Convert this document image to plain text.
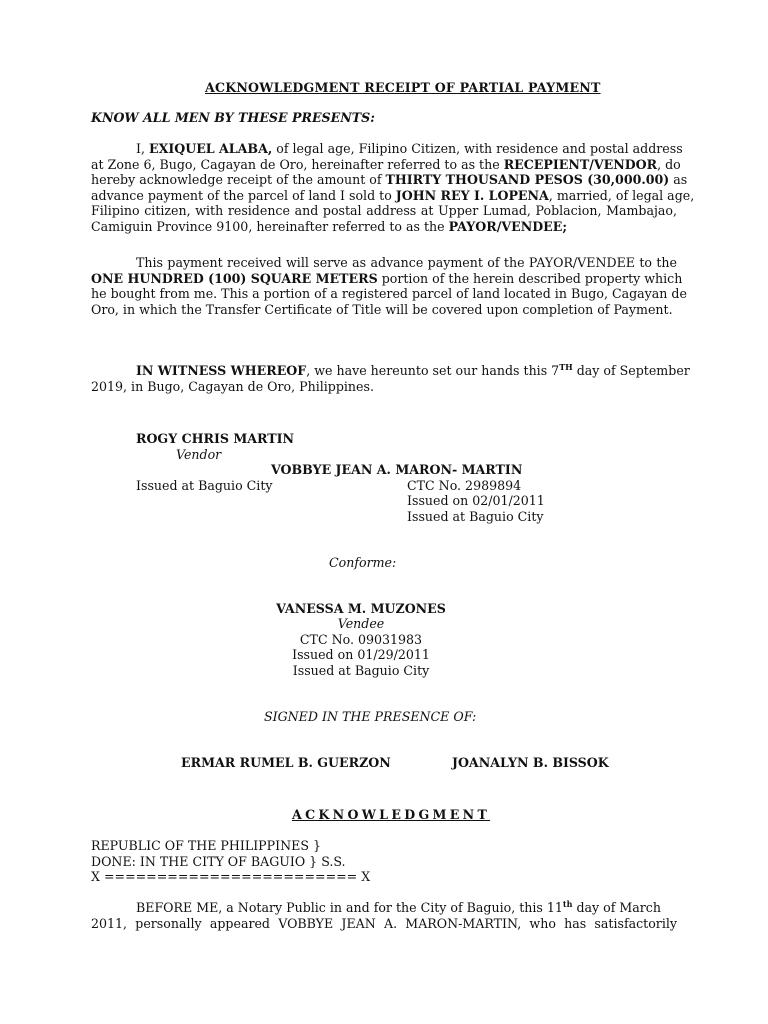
ACKNOWLEDGMENT RECEIPT OF PARTIAL PAYMENT
KNOW ALL MEN BY THESE PRESENTS:
I, EXIQUEL ALABA, of legal age, Filipino Citizen, with residence and postal address
at Zone 6, Bugo, Cagayan de Oro, hereinafter referred to as the RECEPIENT/VENDOR, do
hereby acknowledge receipt of the amount of THIRTY THOUSAND PESOS (30,000.00) as
advance payment of the parcel of land I sold to JOHN REY I. LOPENA, married, of legal age,
Filipino citizen, with residence and postal address at Upper Lumad, Poblacion, Mambajao,
Camiguin Province 9100, hereinafter referred to as the PAYOR/VENDEE;
This payment received will serve as advance payment of the PAYOR/VENDEE to the
ONE HUNDRED (100) SQUARE METERS portion of the herein described property which
he bought from me. This a portion of a registered parcel of land located in Bugo, Cagayan de
Oro, in which the Transfer Certificate of Title will be covered upon completion of Payment.
IN WITNESS WHEREOF, we have hereunto set our hands this 7TH day of September
2019, in Bugo, Cagayan de Oro, Philippines.
ROGY CHRIS MARTIN
Vendor
VOBBYE JEAN A. MARON- MARTIN
Issued at Baguio City	CTC No. 2989894
Issued on 02/01/2011
Issued at Baguio City
Conforme:
VANESSA M. MUZONES
Vendee
CTC No. 09031983
Issued on 01/29/2011
Issued at Baguio City
SIGNED IN THE PRESENCE OF:
ERMAR RUMEL B. GUERZON	JOANALYN B. BISSOK
ACKNOWLEDGMENT
REPUBLIC OF THE PHILIPPINES }
DONE: IN THE CITY OF BAGUIO } S.S.
X ======================== X
BEFORE ME, a Notary Public in and for the City of Baguio, this 11th day of March
2011, personally appeared VOBBYE JEAN A. MARON-MARTIN, who has satisfactorily
